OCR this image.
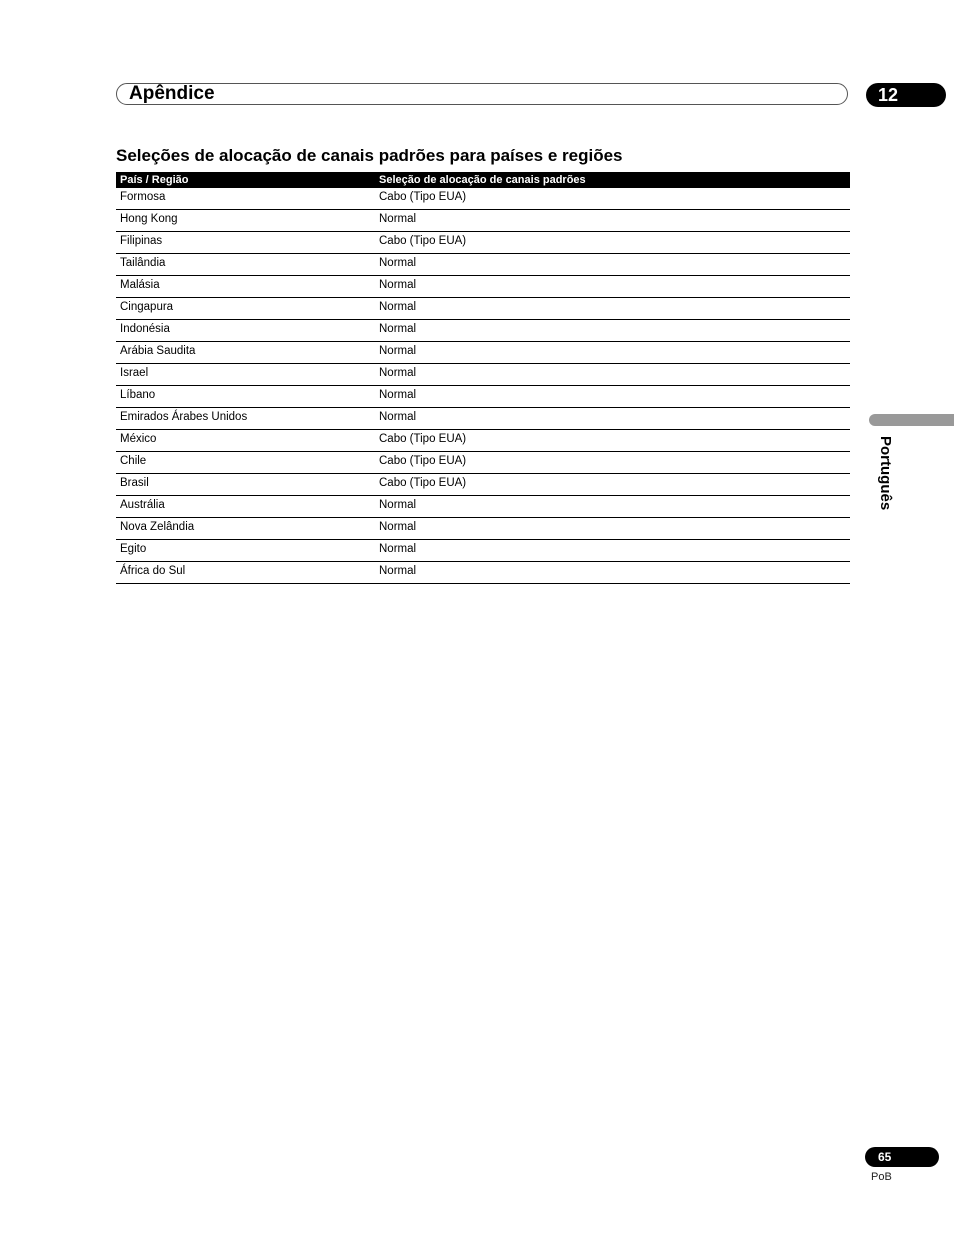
Apêndice	12
Seleções de alocação de canais padrões para países e regiões
País / Região	Seleção de alocação de canais padrões
Formosa	Cabo (Tipo EUA)
Hong Kong	Normal
Filipinas	Cabo (Tipo EUA)
Tailândia	Normal
Malásia	Normal
Cingapura	Normal
Indonésia	Normal
Arábia Saudita	Normal
Israel	Normal
Líbano	Normal
Emirados Árabes Unidos	Normal
México	Cabo (Tipo EUA)
Chile	Cabo (Tipo EUA)
Brasil	Cabo (Tipo EUA)
Austrália	Normal
Nova Zelândia	Normal
Egito	Normal
África do Sul	Normal
Português
65
PoB
